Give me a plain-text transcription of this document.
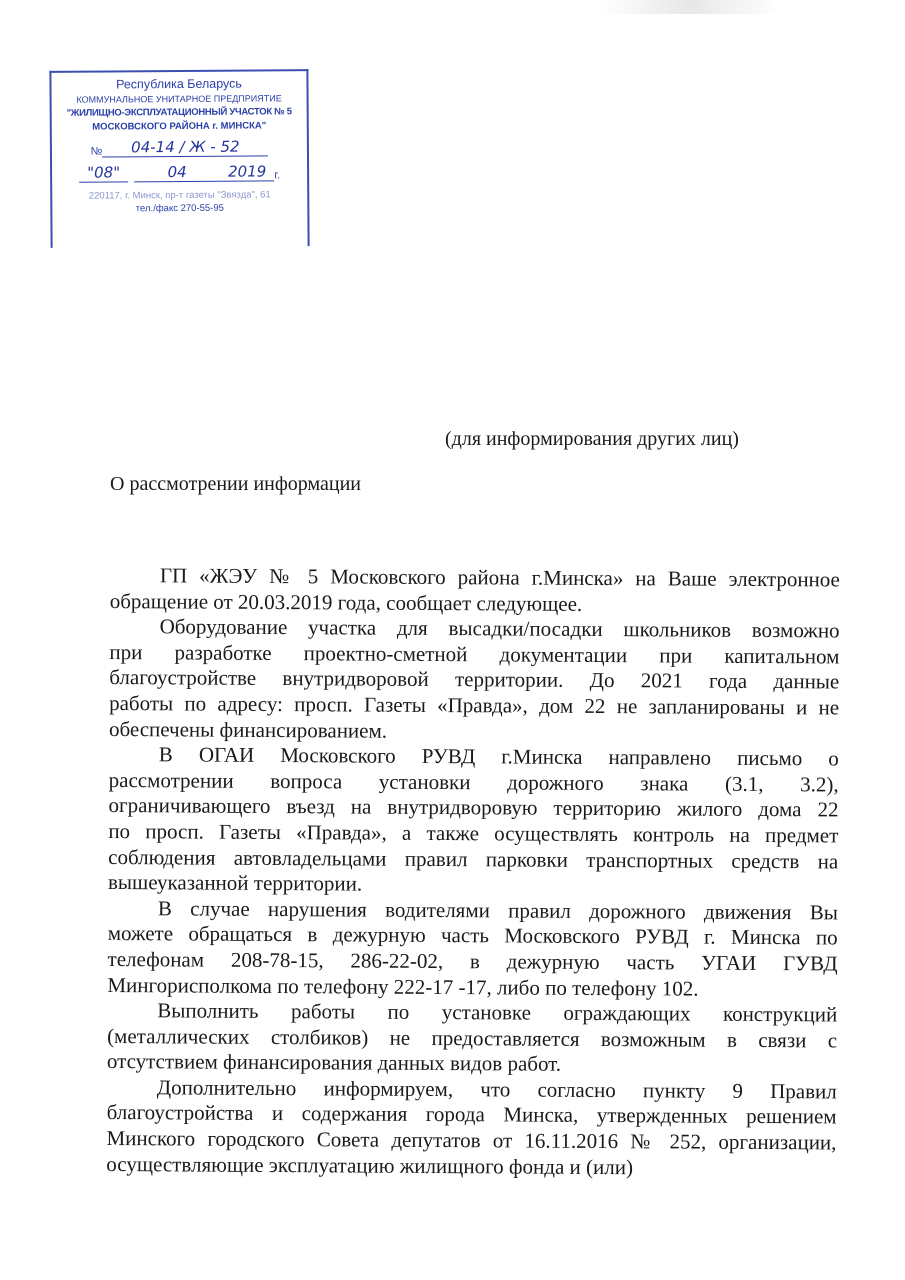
Республика Беларусь
КОММУНАЛЬНОЕ УНИТАРНОЕ ПРЕДПРИЯТИЕ
"ЖИЛИЩНО-ЭКСПЛУАТАЦИОННЫЙ УЧАСТОК № 5
МОСКОВСКОГО РАЙОНА г. МИНСКА"
№	04-14 / Ж - 52
"08"	04	2019 г.
220117, г. Минск, пр-т газеты "Звязда", 61
тел./факс 270-55-95
(для информирования других лиц)
О рассмотрении информации
ГП «ЖЭУ № 5 Московского района г.Минска» на Ваше электронное
обращение от 20.03.2019 года, сообщает следующее.
Оборудование участка для высадки/посадки школьников возможно
при разработке проектно-сметной документации при капитальном
благоустройстве внутридворовой территории. До 2021 года данные
работы по адресу: просп. Газеты «Правда», дом 22 не запланированы и не
обеспечены финансированием.
В ОГАИ Московского РУВД г.Минска направлено письмо о
рассмотрении вопроса установки дорожного знака (3.1, 3.2),
ограничивающего въезд на внутридворовую территорию жилого дома 22
по просп. Газеты «Правда», а также осуществлять контроль на предмет
соблюдения автовладельцами правил парковки транспортных средств на
вышеуказанной территории.
В случае нарушения водителями правил дорожного движения Вы
можете обращаться в дежурную часть Московского РУВД г. Минска по
телефонам 208-78-15, 286-22-02, в дежурную часть УГАИ ГУВД
Мингорисполкома по телефону 222-17 -17, либо по телефону 102.
Выполнить работы по установке ограждающих конструкций
(металлических столбиков) не предоставляется возможным в связи с
отсутствием финансирования данных видов работ.
Дополнительно информируем, что согласно пункту 9 Правил
благоустройства и содержания города Минска, утвержденных решением
Минского городского Совета депутатов от 16.11.2016 № 252, организации,
осуществляющие эксплуатацию жилищного фонда и (или)
